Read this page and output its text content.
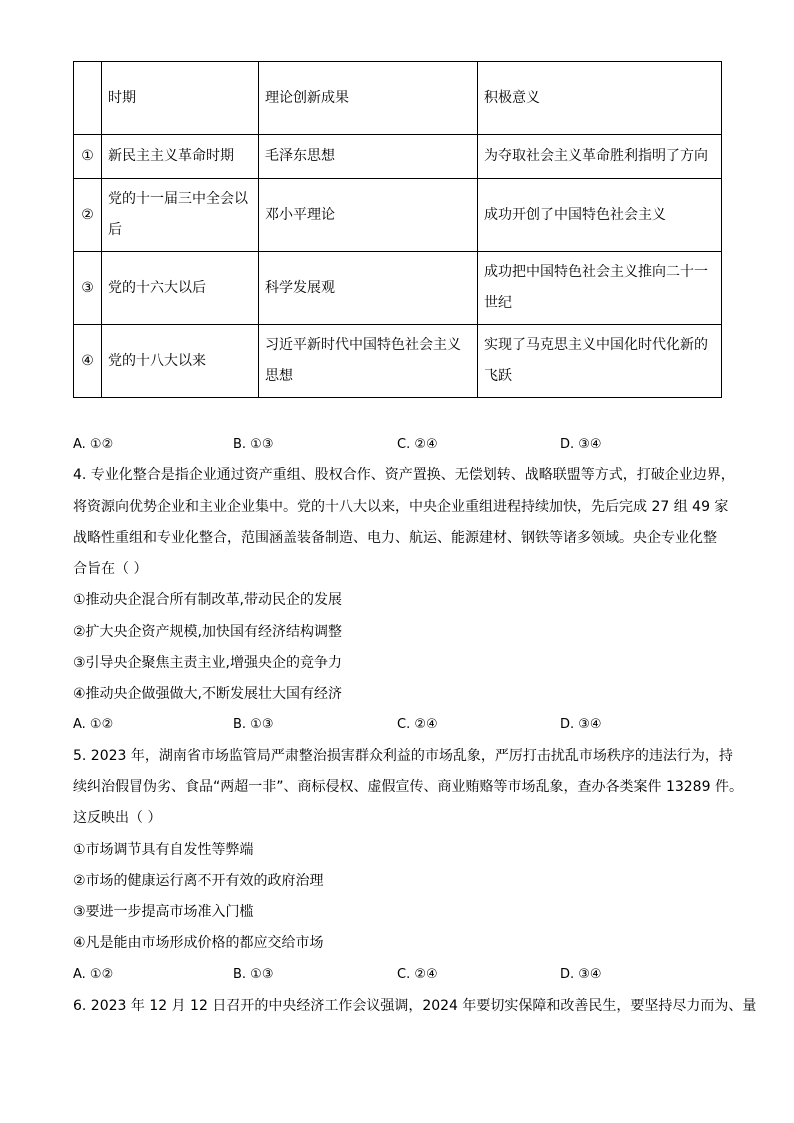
	时期	理论创新成果	积极意义
①	新民主主义革命时期	毛泽东思想	为夺取社会主义革命胜利指明了方向
②	党的十一届三中全会以后	邓小平理论	成功开创了中国特色社会主义
③	党的十六大以后	科学发展观	成功把中国特色社会主义推向二十一世纪
④	党的十八大以来	习近平新时代中国特色社会主义思想	实现了马克思主义中国化时代化新的飞跃
A. ①②	B. ①③	C. ②④	D. ③④
4. 专业化整合是指企业通过资产重组、股权合作、资产置换、无偿划转、战略联盟等方式，打破企业边界，
将资源向优势企业和主业企业集中。党的十八大以来，中央企业重组进程持续加快，先后完成 27 组 49 家
战略性重组和专业化整合，范围涵盖装备制造、电力、航运、能源建材、钢铁等诸多领域。央企专业化整
合旨在（ ）
①推动央企混合所有制改革,带动民企的发展
②扩大央企资产规模,加快国有经济结构调整
③引导央企聚焦主责主业,增强央企的竞争力
④推动央企做强做大,不断发展壮大国有经济
A. ①②	B. ①③	C. ②④	D. ③④
5. 2023 年，湖南省市场监管局严肃整治损害群众利益的市场乱象，严厉打击扰乱市场秩序的违法行为，持
续纠治假冒伪劣、食品“两超一非”、商标侵权、虚假宣传、商业贿赂等市场乱象，查办各类案件 13289 件。
这反映出（ ）
①市场调节具有自发性等弊端
②市场的健康运行离不开有效的政府治理
③要进一步提高市场准入门槛
④凡是能由市场形成价格的都应交给市场
A. ①②	B. ①③	C. ②④	D. ③④
6. 2023 年 12 月 12 日召开的中央经济工作会议强调，2024 年要切实保障和改善民生，要坚持尽力而为、量
